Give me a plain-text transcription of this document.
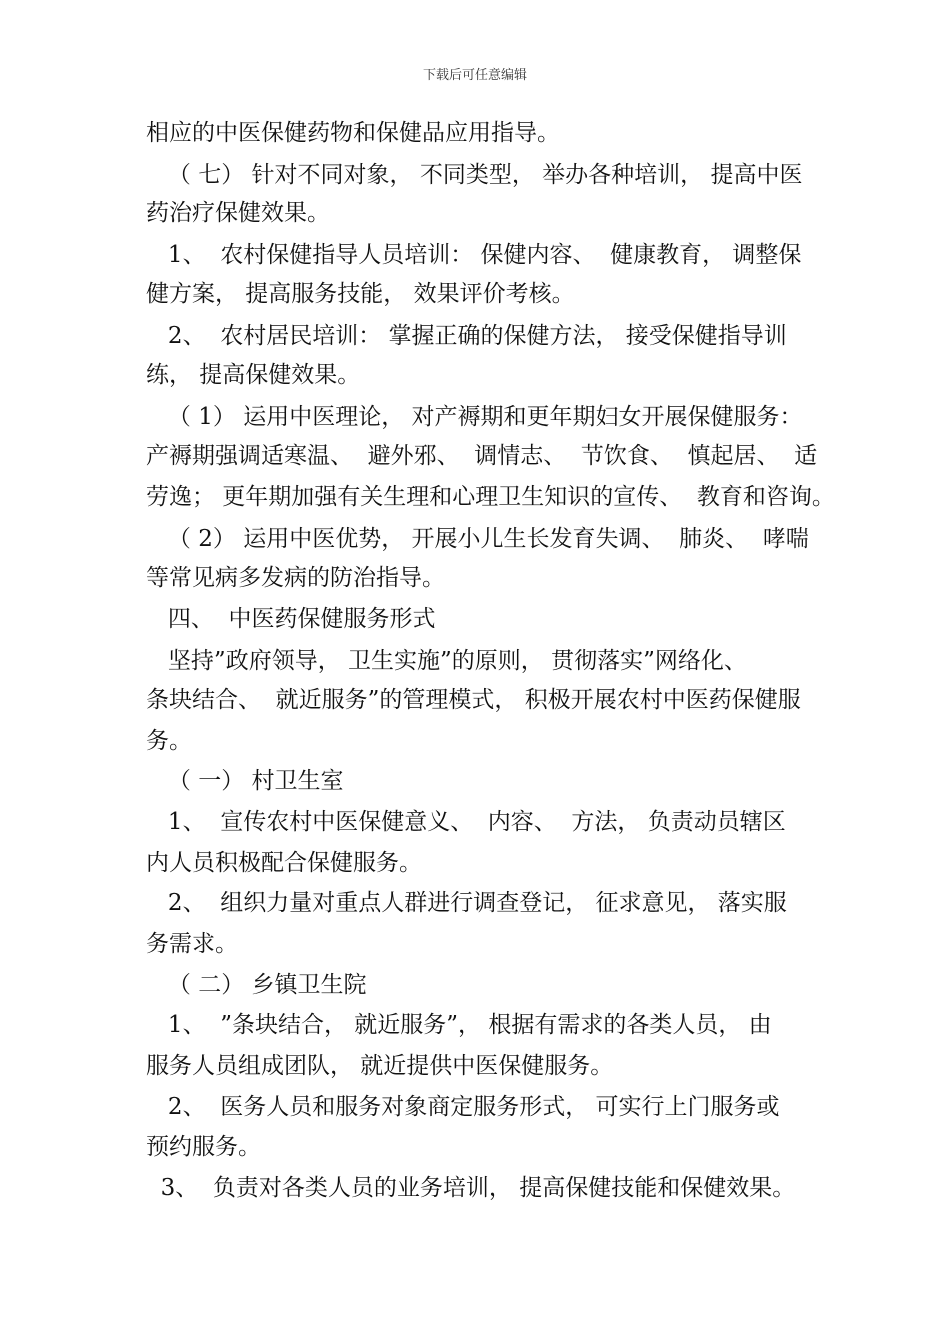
下载后可任意编辑
相应的中医保健药物和保健品应用指导。
（ 七） 针对不同对象， 不同类型， 举办各种培训， 提高中医
药治疗保健效果。
1、  农村保健指导人员培训： 保健内容、  健康教育， 调整保
健方案， 提高服务技能， 效果评价考核。
2、  农村居民培训： 掌握正确的保健方法， 接受保健指导训
练， 提高保健效果。
（ 1） 运用中医理论， 对产褥期和更年期妇女开展保健服务：
产褥期强调适寒温、  避外邪、  调情志、  节饮食、  慎起居、  适
劳逸； 更年期加强有关生理和心理卫生知识的宣传、  教育和咨询。
（ 2） 运用中医优势， 开展小儿生长发育失调、  肺炎、  哮喘
等常见病多发病的防治指导。
四、  中医药保健服务形式
坚持”政府领导， 卫生实施”的原则， 贯彻落实”网络化、
条块结合、  就近服务”的管理模式， 积极开展农村中医药保健服
务。
（ 一） 村卫生室
1、  宣传农村中医保健意义、  内容、  方法， 负责动员辖区
内人员积极配合保健服务。
2、  组织力量对重点人群进行调查登记， 征求意见， 落实服
务需求。
（ 二） 乡镇卫生院
1、  ”条块结合， 就近服务”， 根据有需求的各类人员， 由
服务人员组成团队， 就近提供中医保健服务。
2、  医务人员和服务对象商定服务形式， 可实行上门服务或
预约服务。
3、  负责对各类人员的业务培训， 提高保健技能和保健效果。
